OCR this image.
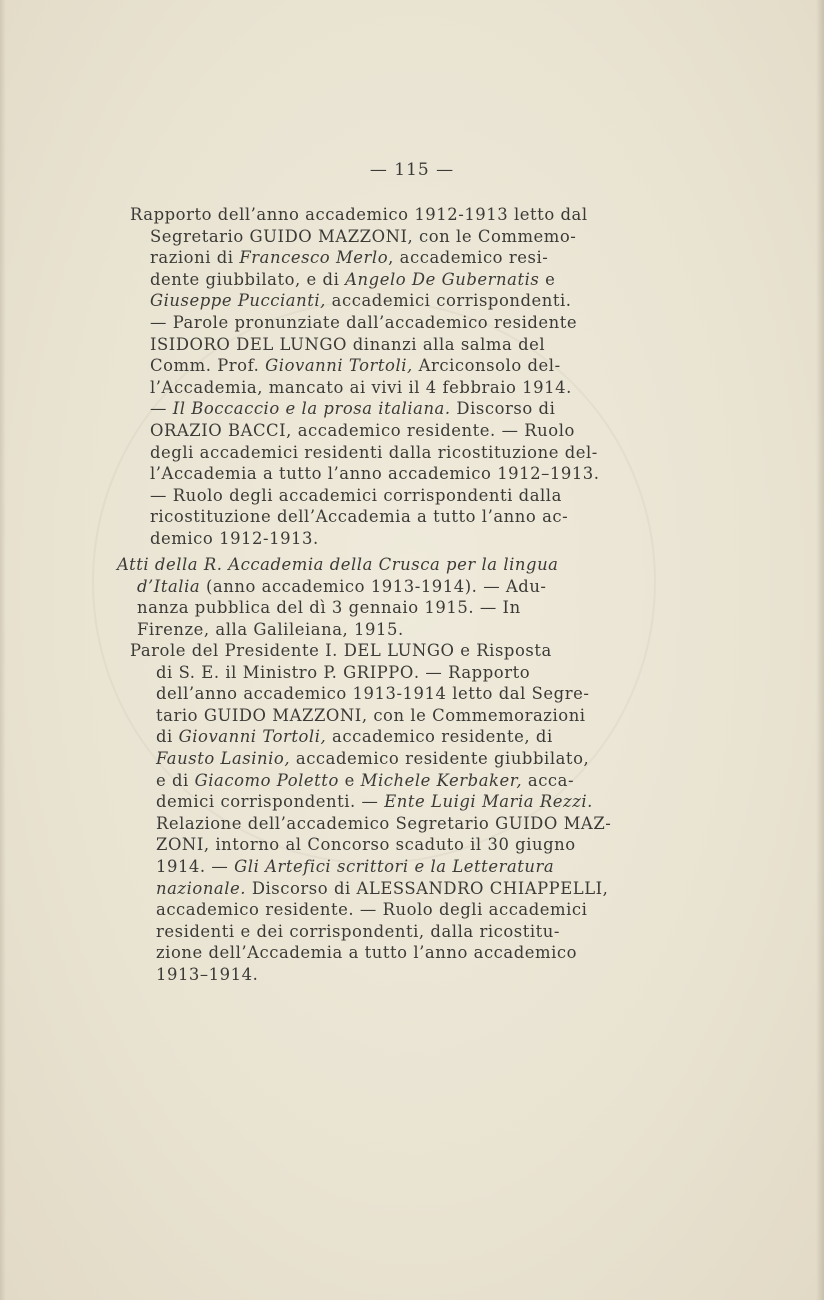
— 115 —
Rapporto dell’anno accademico 1912-1913 letto dal
Segretario GUIDO MAZZONI, con le Commemo-
razioni di Francesco Merlo, accademico resi-
dente giubbilato, e di Angelo De Gubernatis e
Giuseppe Puccianti, accademici corrispondenti.
— Parole pronunziate dall’accademico residente
ISIDORO DEL LUNGO dinanzi alla salma del
Comm. Prof. Giovanni Tortoli, Arciconsolo del-
l’Accademia, mancato ai vivi il 4 febbraio 1914.
— Il Boccaccio e la prosa italiana. Discorso di
ORAZIO BACCI, accademico residente. — Ruolo
degli accademici residenti dalla ricostituzione del-
l’Accademia a tutto l’anno accademico 1912–1913.
— Ruolo degli accademici corrispondenti dalla
ricostituzione dell’Accademia a tutto l’anno ac-
demico 1912-1913.
Atti della R. Accademia della Crusca per la lingua
d’Italia (anno accademico 1913-1914). — Adu-
nanza pubblica del dì 3 gennaio 1915. — In
Firenze, alla Galileiana, 1915.
Parole del Presidente I. DEL LUNGO e Risposta
di S. E. il Ministro P. GRIPPO. — Rapporto
dell’anno accademico 1913-1914 letto dal Segre-
tario GUIDO MAZZONI, con le Commemorazioni
di Giovanni Tortoli, accademico residente, di
Fausto Lasinio, accademico residente giubbilato,
e di Giacomo Poletto e Michele Kerbaker, acca-
demici corrispondenti. — Ente Luigi Maria Rezzi.
Relazione dell’accademico Segretario GUIDO MAZ-
ZONI, intorno al Concorso scaduto il 30 giugno
1914. — Gli Artefici scrittori e la Letteratura
nazionale. Discorso di ALESSANDRO CHIAPPELLI,
accademico residente. — Ruolo degli accademici
residenti e dei corrispondenti, dalla ricostitu-
zione dell’Accademia a tutto l’anno accademico
1913–1914.
